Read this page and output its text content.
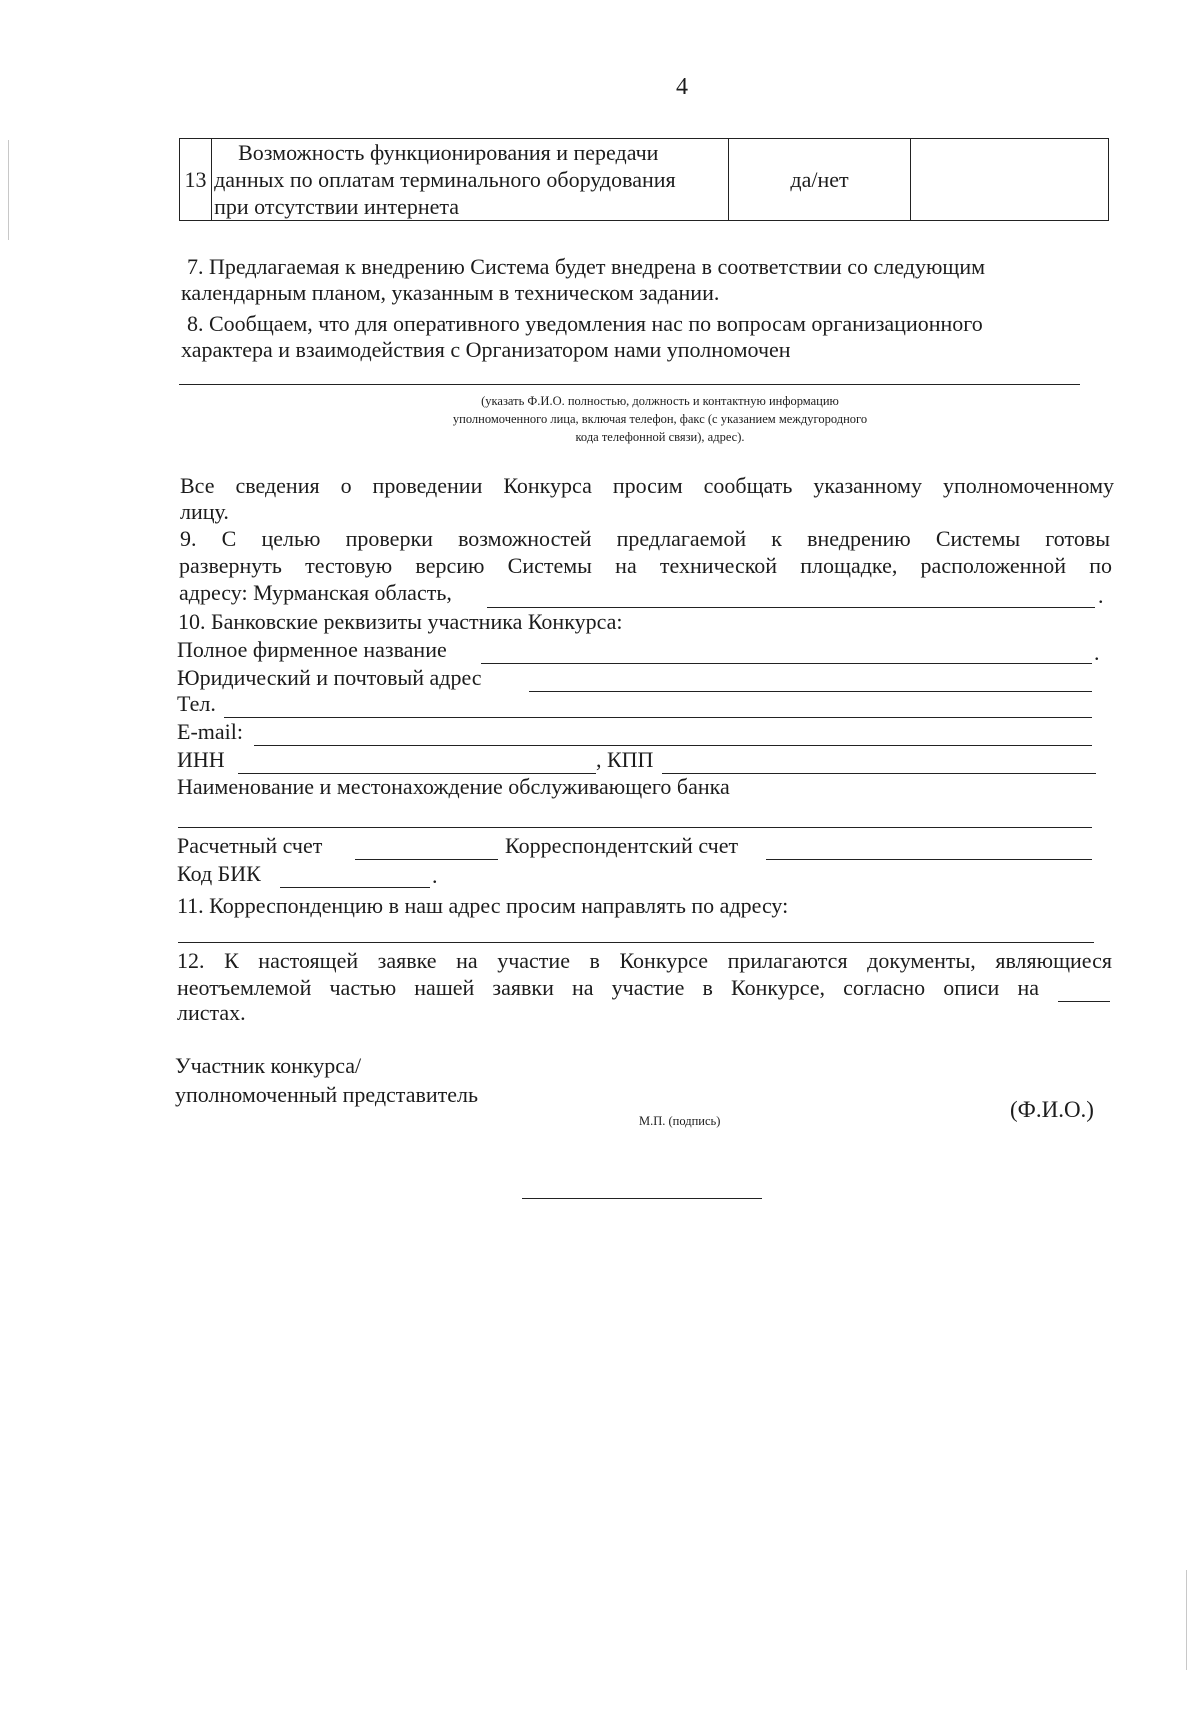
4
13	
Возможность функционирования и передачи
данных по оплатам терминального оборудования
при отсутствии интернета
	да/нет	
7. Предлагаемая к внедрению Система будет внедрена в соответствии со следующим
календарным планом, указанным в техническом задании.
8. Сообщаем, что для оперативного уведомления нас по вопросам организационного
характера и взаимодействия с Организатором нами уполномочен
(указать Ф.И.О. полностью, должность и контактную информацию
уполномоченного лица, включая телефон, факс (с указанием междугородного
кода телефонной связи), адрес).
Все сведения о проведении Конкурса просим сообщать указанному уполномоченному
лицу.
9. С целью проверки возможностей предлагаемой к внедрению Системы готовы
развернуть тестовую версию Системы на технической площадке, расположенной по
адресу: Мурманская область,	.
10. Банковские реквизиты участника Конкурса:
Полное фирменное название	.
Юридический и почтовый адрес
Тел.
E-mail:
ИНН	, КПП
Наименование и местонахождение обслуживающего банка
Расчетный счет	Корреспондентский счет
Код БИК	.
11. Корреспонденцию в наш адрес просим направлять по адресу:
12. К настоящей заявке на участие в Конкурсе прилагаются документы, являющиеся
неотъемлемой частью нашей заявки на участие в Конкурсе, согласно описи на
листах.
Участник конкурса/
уполномоченный представитель
М.П. (подпись)	(Ф.И.О.)
